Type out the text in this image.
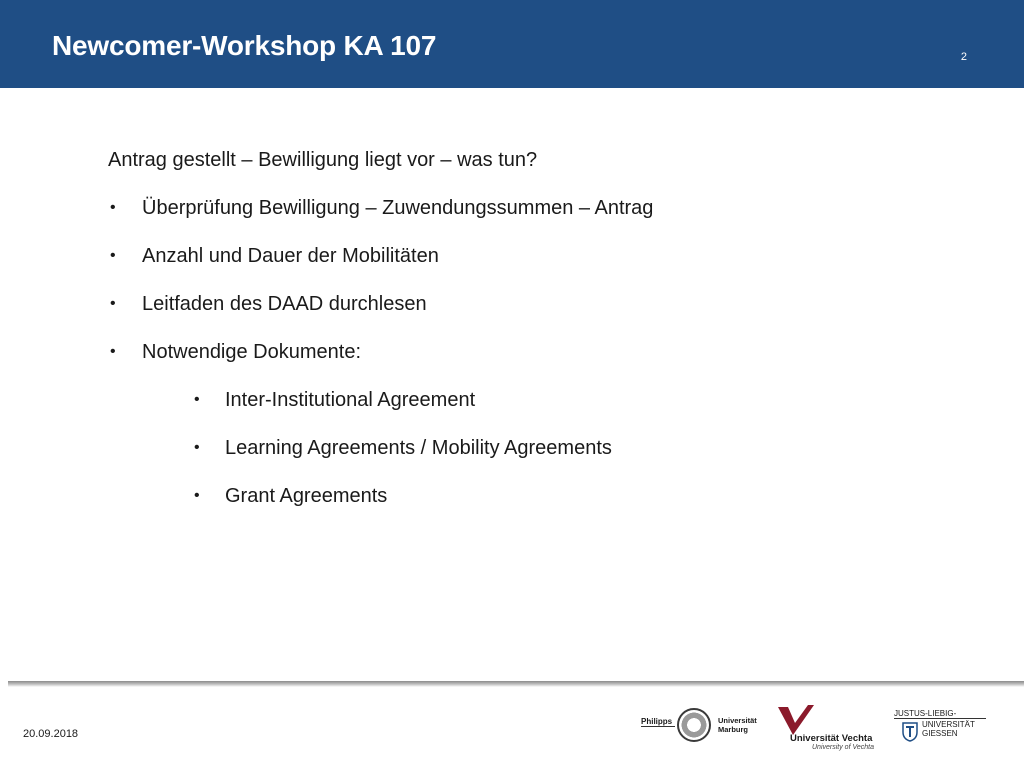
Newcomer-Workshop KA 107	2
Antrag gestellt – Bewilligung liegt vor – was tun?
• Überprüfung Bewilligung – Zuwendungssummen – Antrag
• Anzahl und Dauer der Mobilitäten
• Leitfaden des DAAD durchlesen
• Notwendige Dokumente:
• Inter-Institutional Agreement
• Learning Agreements / Mobility Agreements
• Grant Agreements
20.09.2018
Philipps	Universität
Marburg
Universität Vechta
University of Vechta
JUSTUS-LIEBIG-
UNIVERSITÄT
GIESSEN
